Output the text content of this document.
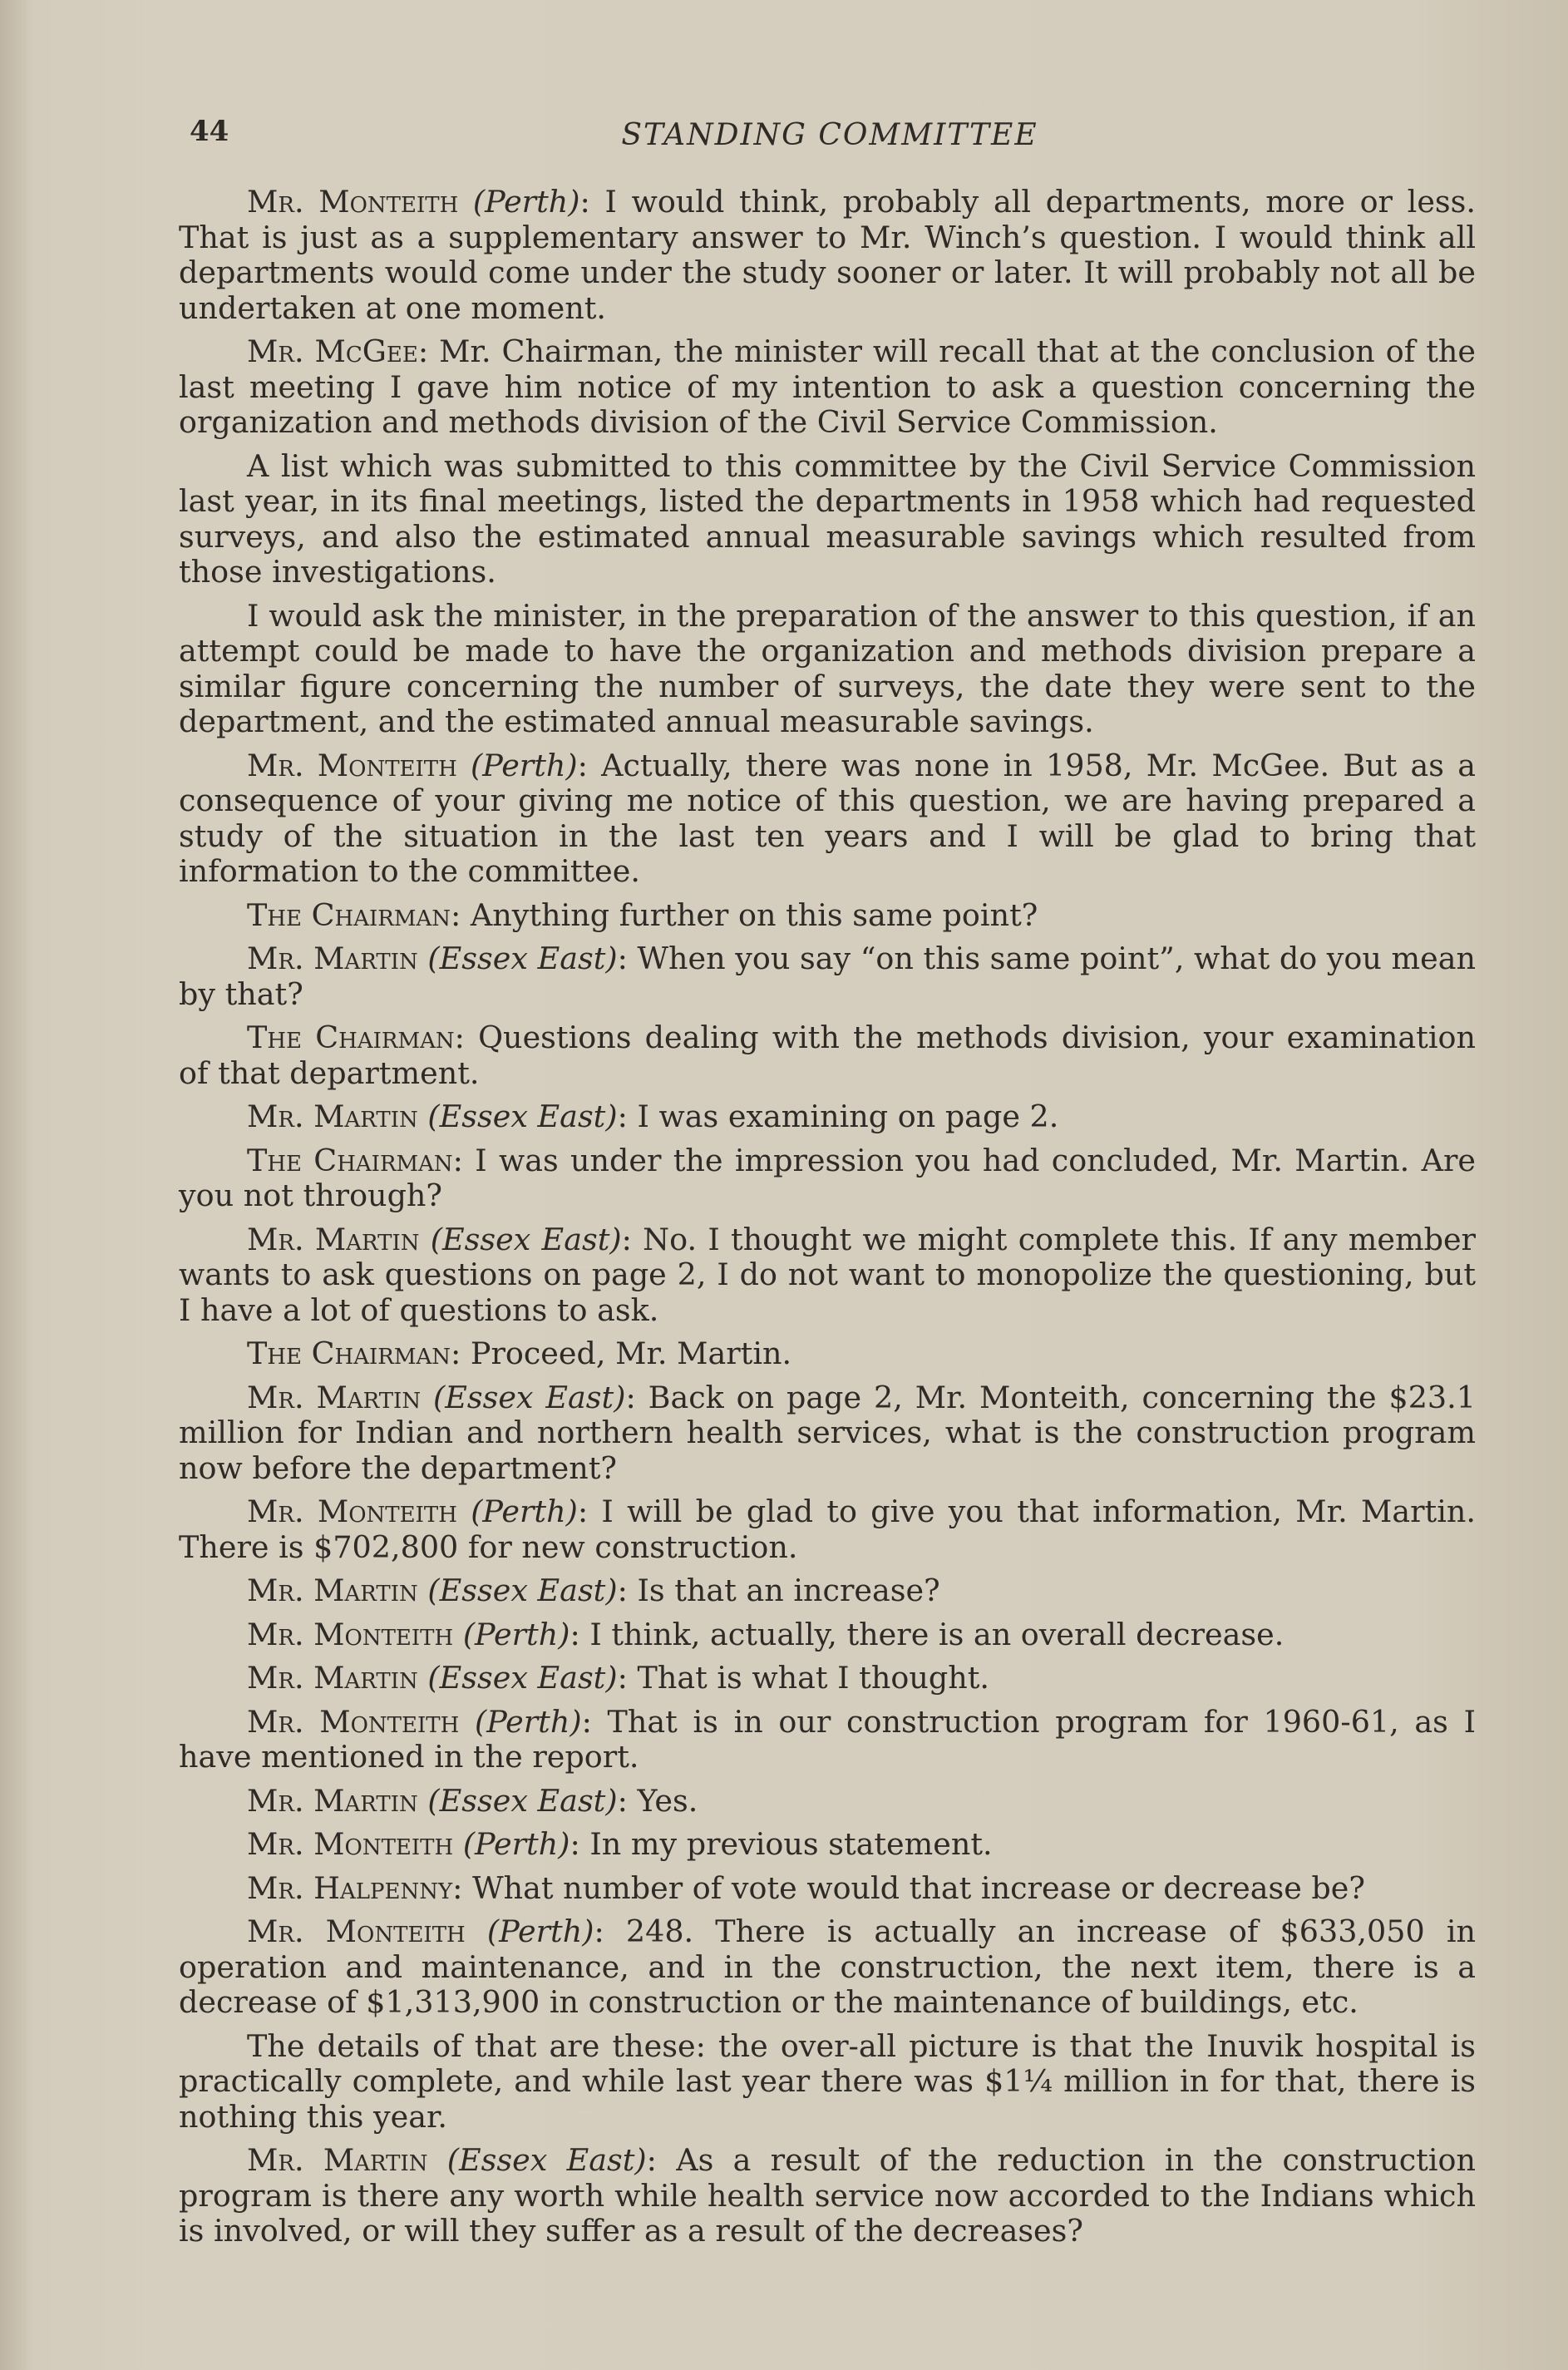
44	STANDING COMMITTEE

Mr. Monteith (Perth): I would think, probably all departments, more or less. That is just as a supplementary answer to Mr. Winch’s question. I would think all departments would come under the study sooner or later. It will probably not all be undertaken at one moment.

Mr. McGee: Mr. Chairman, the minister will recall that at the conclusion of the last meeting I gave him notice of my intention to ask a question concerning the organization and methods division of the Civil Service Commission.

A list which was submitted to this committee by the Civil Service Commission last year, in its final meetings, listed the departments in 1958 which had requested surveys, and also the estimated annual measurable savings which resulted from those investigations.

I would ask the minister, in the preparation of the answer to this question, if an attempt could be made to have the organization and methods division prepare a similar figure concerning the number of surveys, the date they were sent to the department, and the estimated annual measurable savings.

Mr. Monteith (Perth): Actually, there was none in 1958, Mr. McGee. But as a consequence of your giving me notice of this question, we are having prepared a study of the situation in the last ten years and I will be glad to bring that information to the committee.

The Chairman: Anything further on this same point?

Mr. Martin (Essex East): When you say “on this same point”, what do you mean by that?

The Chairman: Questions dealing with the methods division, your examination of that department.

Mr. Martin (Essex East): I was examining on page 2.

The Chairman: I was under the impression you had concluded, Mr. Martin. Are you not through?

Mr. Martin (Essex East): No. I thought we might complete this. If any member wants to ask questions on page 2, I do not want to monopolize the questioning, but I have a lot of questions to ask.

The Chairman: Proceed, Mr. Martin.

Mr. Martin (Essex East): Back on page 2, Mr. Monteith, concerning the $23.1 million for Indian and northern health services, what is the construction program now before the department?

Mr. Monteith (Perth): I will be glad to give you that information, Mr. Martin. There is $702,800 for new construction.

Mr. Martin (Essex East): Is that an increase?

Mr. Monteith (Perth): I think, actually, there is an overall decrease.

Mr. Martin (Essex East): That is what I thought.

Mr. Monteith (Perth): That is in our construction program for 1960-61, as I have mentioned in the report.

Mr. Martin (Essex East): Yes.

Mr. Monteith (Perth): In my previous statement.

Mr. Halpenny: What number of vote would that increase or decrease be?

Mr. Monteith (Perth): 248. There is actually an increase of $633,050 in operation and maintenance, and in the construction, the next item, there is a decrease of $1,313,900 in construction or the maintenance of buildings, etc.

The details of that are these: the over-all picture is that the Inuvik hospital is practically complete, and while last year there was $1¼ million in for that, there is nothing this year.

Mr. Martin (Essex East): As a result of the reduction in the construction program is there any worth while health service now accorded to the Indians which is involved, or will they suffer as a result of the decreases?
